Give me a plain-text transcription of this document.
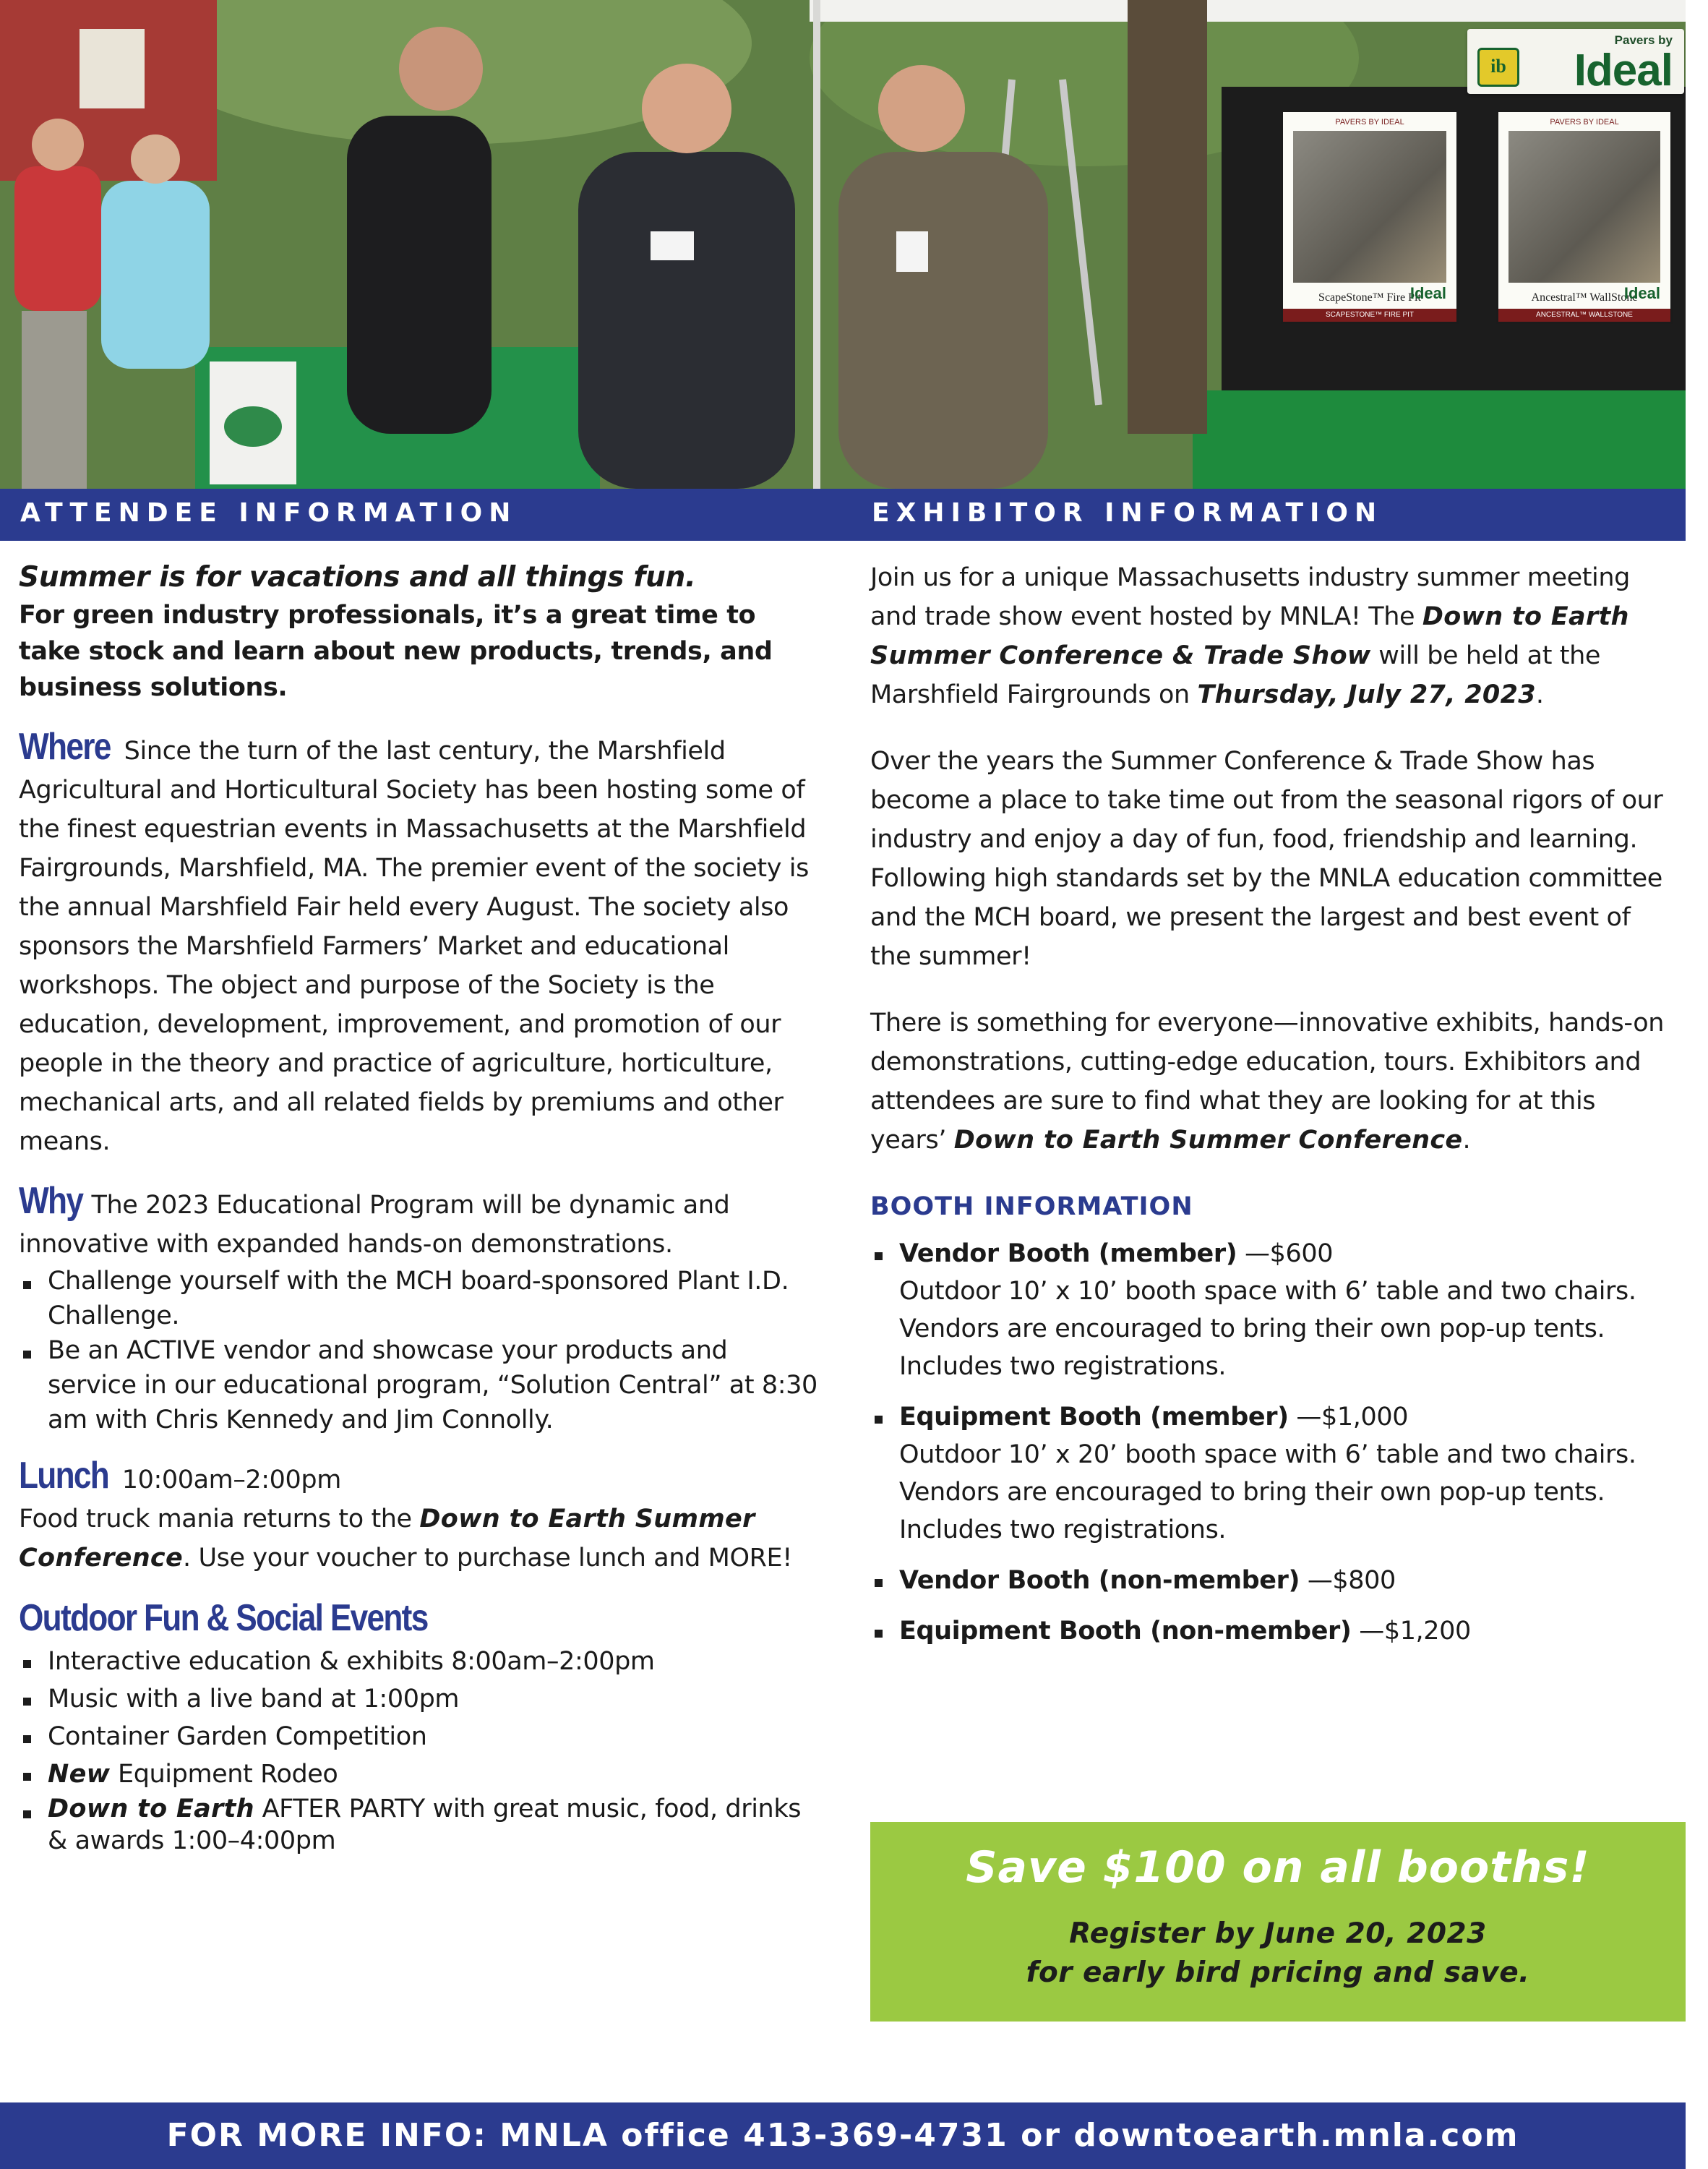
ib
Pavers by
Ideal
PAVERS BY IDEAL
ScapeStone™ Fire Pit
Ideal
SCAPESTONE™ FIRE PIT
PAVERS BY IDEAL
Ancestral™ WallStone
Ideal
ANCESTRAL™ WALLSTONE
ATTENDEE INFORMATION	EXHIBITOR INFORMATION

Summer is for vacations and all things fun.

For green industry professionals, it’s a great time to take stock and learn about new products, trends, and business solutions.

Where Since the turn of the last century, the Marshfield Agricultural and Horticultural Society has been hosting some of the finest equestrian events in Massachusetts at the Marshfield Fairgrounds, Marshfield, MA. The premier event of the society is the annual Marshfield Fair held every August. The society also sponsors the Marshfield Farmers’ Market and educational workshops. The object and purpose of the Society is the education, development, improvement, and promotion of our people in the theory and practice of agriculture, horticulture, mechanical arts, and all related fields by premiums and other means.

Why The 2023 Educational Program will be dynamic and innovative with expanded hands-on demonstrations.

Challenge yourself with the MCH board-sponsored Plant I.D. Challenge.
Be an ACTIVE vendor and showcase your products and service in our educational program, “Solution Central” at 8:30 am with Chris Kennedy and Jim Connolly.

Lunch 10:00am–2:00pm

Food truck mania returns to the Down to Earth Summer Conference. Use your voucher to purchase lunch and MORE!

Outdoor Fun & Social Events

Interactive education & exhibits 8:00am–2:00pm
Music with a live band at 1:00pm
Container Garden Competition
New Equipment Rodeo
Down to Earth AFTER PARTY with great music, food, drinks & awards 1:00–4:00pm

Join us for a unique Massachusetts industry summer meeting and trade show event hosted by MNLA! The Down to Earth Summer Conference & Trade Show will be held at the Marshfield Fairgrounds on Thursday, July 27, 2023.

Over the years the Summer Conference & Trade Show has become a place to take time out from the seasonal rigors of our industry and enjoy a day of fun, food, friendship and learning. Following high standards set by the MNLA education committee and the MCH board, we present the largest and best event of the summer!

There is something for everyone—innovative exhibits, hands-on demonstrations, cutting-edge education, tours. Exhibitors and attendees are sure to find what they are looking for at this years’ Down to Earth Summer Conference.

BOOTH INFORMATION

Vendor Booth (member) —$600
Outdoor 10’ x 10’ booth space with 6’ table and two chairs. Vendors are encouraged to bring their own pop-up tents. Includes two registrations.
Equipment Booth (member) —$1,000
Outdoor 10’ x 20’ booth space with 6’ table and two chairs. Vendors are encouraged to bring their own pop-up tents. Includes two registrations.
Vendor Booth (non-member) —$800
Equipment Booth (non-member) —$1,200
Save $100 on all booths!
Register by June 20, 2023
for early bird pricing and save.
FOR MORE INFO: MNLA office 413-369-4731 or downtoearth.mnla.com
